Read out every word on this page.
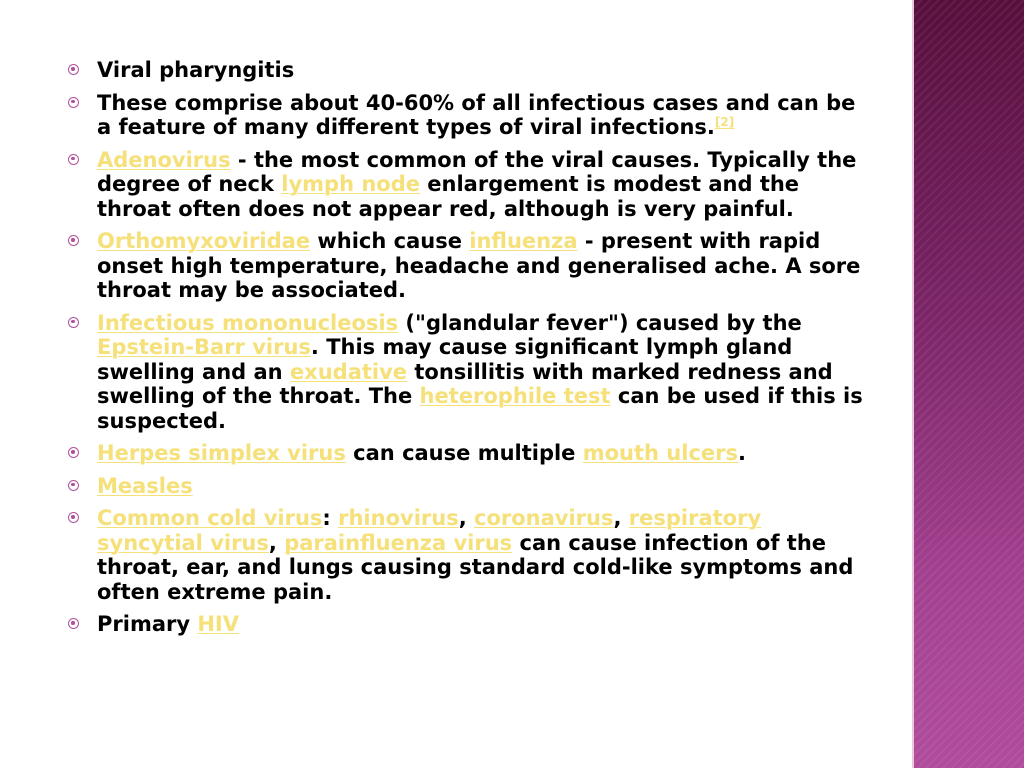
Viral pharyngitis
These comprise about 40-60% of all infectious cases and can be a feature of many different types of viral infections.[2]
Adenovirus - the most common of the viral causes. Typically the degree of neck lymph node enlargement is modest and the throat often does not appear red, although is very painful.
Orthomyxoviridae which cause influenza - present with rapid onset high temperature, headache and generalised ache. A sore throat may be associated.
Infectious mononucleosis ("glandular fever") caused by the Epstein-Barr virus. This may cause significant lymph gland swelling and an exudative tonsillitis with marked redness and swelling of the throat. The heterophile test can be used if this is suspected.
Herpes simplex virus can cause multiple mouth ulcers.
Measles
Common cold virus: rhinovirus, coronavirus, respiratory syncytial virus, parainfluenza virus can cause infection of the throat, ear, and lungs causing standard cold-like symptoms and often extreme pain.
Primary HIV
